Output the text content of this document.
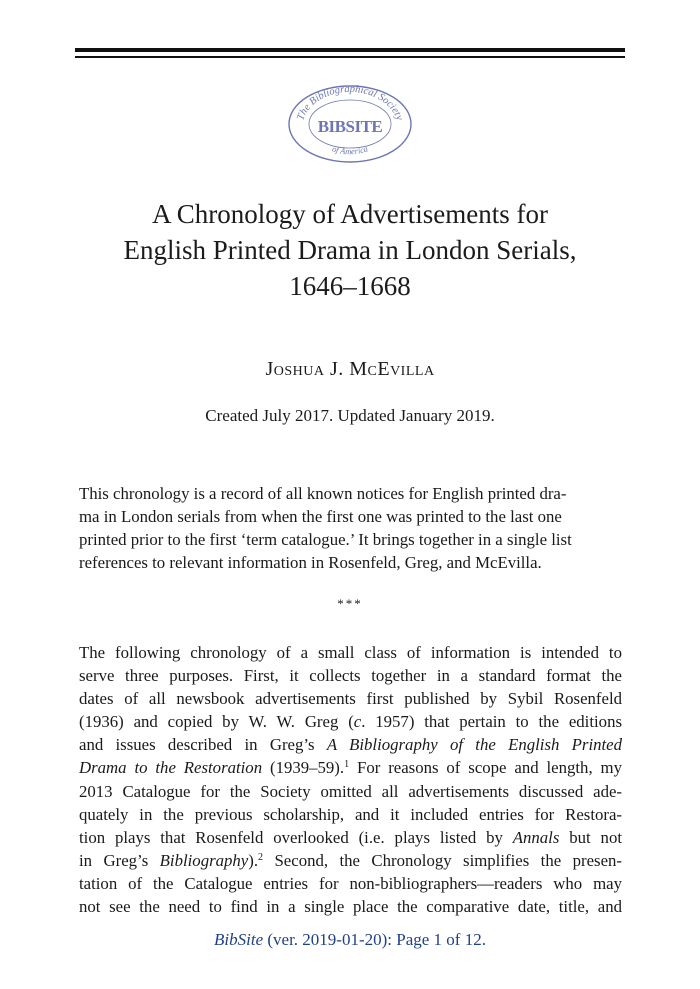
The Bibliographical Society
BIBSITE
of America
A Chronology of Advertisements for
English Printed Drama in London Serials,
1646–1668
Joshua J. McEvilla
Created July 2017. Updated January 2019.
This chronology is a record of all known notices for English printed dra-
ma in London serials from when the first one was printed to the last one
printed prior to the first ‘term catalogue.’ It brings together in a single list
references to relevant information in Rosenfeld, Greg, and McEvilla.
***
The following chronology of a small class of information is intended to
serve three purposes. First, it collects together in a standard format the
dates of all newsbook advertisements first published by Sybil Rosenfeld
(1936) and copied by W. W. Greg (c. 1957) that pertain to the editions
and issues described in Greg’s A Bibliography of the English Printed
Drama to the Restoration (1939–59).$^1$ For reasons of scope and length, my
2013 Catalogue for the Society omitted all advertisements discussed ade-
quately in the previous scholarship, and it included entries for Restora-
tion plays that Rosenfeld overlooked (i.e. plays listed by Annals but not
in Greg’s Bibliography).$^2$ Second, the Chronology simplifies the presen-
tation of the Catalogue entries for non-bibliographers—readers who may
not see the need to find in a single place the comparative date, title, and
BibSite (ver. 2019-01-20): Page 1 of 12.
